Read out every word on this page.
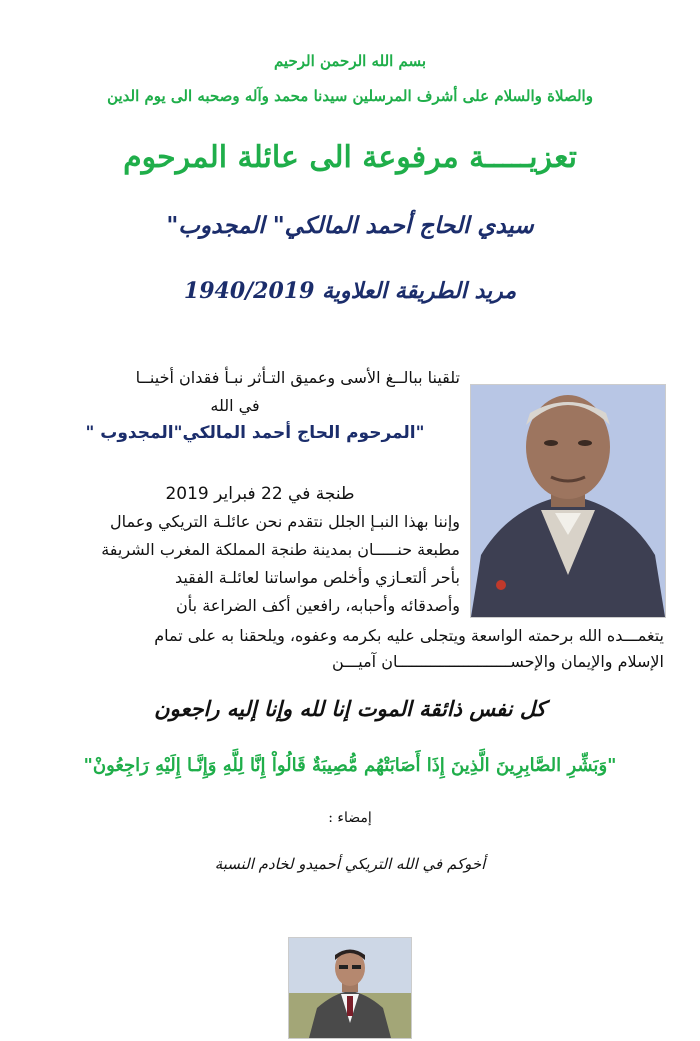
بسم الله الرحمن الرحيم
والصلاة والسلام على أشرف المرسلين سيدنا محمد وآله وصحبه الى يوم الدين
تعزيـــــة مرفوعة الى عائلة المرحوم
سيدي الحاج أحمد المالكي" المجدوب"
مريد الطريقة العلاوية 1940/2019
تلقينا ببالــغ الأسى وعميق التـأثر نبـأ فقدان أخينــا
في الله
"المرحوم الحاج أحمد المالكي"المجدوب "
طنجة في 22 فبراير 2019
وإننا بهذا النبـإ الجلل نتقدم نحن عائلـة التريكي وعمال
مطبعة حنـــــان بمدينة طنجة المملكة المغرب الشريفة
بأحر ألتعـازي وأخلص مواساتنا لعائلـة الفقيد
وأصدقائه وأحبابه، رافعين أكف الضراعة بأن
يتغمـــده الله برحمته الواسعة ويتجلى عليه بكرمه وعفوه، ويلحقنا به على تمام
الإسلام والإيمان والإحســــــــــــــــــــــــان آميـــن
كل نفس ذائقة الموت إنا لله وإنا إليه راجعون
"وَبَشِّرِ الصَّابِرِينَ الَّذِينَ إِذَا أَصَابَتْهُم مُّصِيبَةٌ قَالُواْ إِنَّا لِلَّهِ وَإِنَّـا إِلَيْهِ رَاجِعُونْ"
إمضاء :
أخوكم في الله التريكي أحميدو لخادم النسبة
